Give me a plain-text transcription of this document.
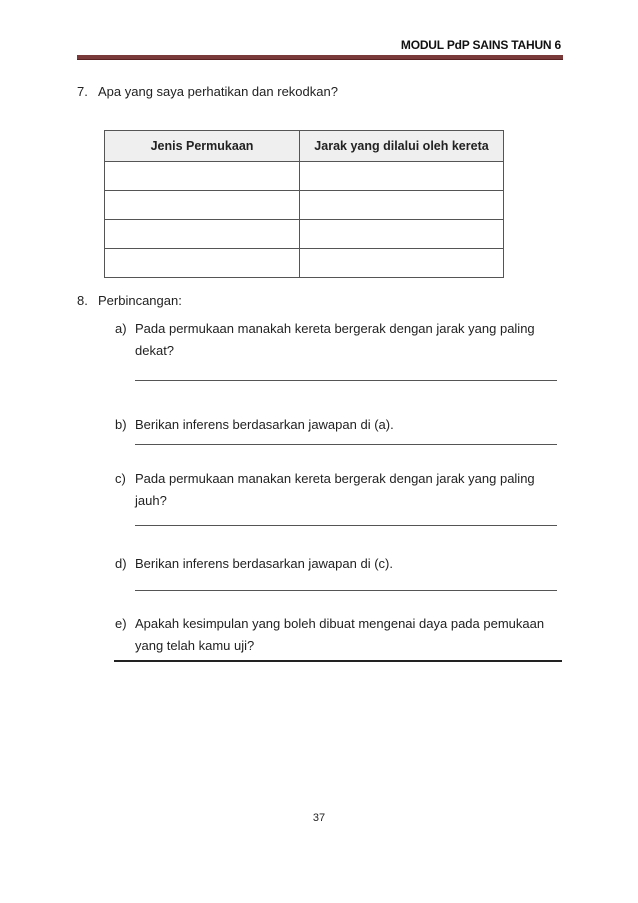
MODUL PdP SAINS TAHUN 6
7. Apa yang saya perhatikan dan rekodkan?
Jenis Permukaan	Jarak yang dilalui oleh kereta

8. Perbincangan:
a) Pada permukaan manakah kereta bergerak dengan jarak yang paling dekat?
b) Berikan inferens berdasarkan jawapan di (a).
c) Pada permukaan manakan kereta bergerak dengan jarak yang paling jauh?
d) Berikan inferens berdasarkan jawapan di (c).
e) Apakah kesimpulan yang boleh dibuat mengenai daya pada pemukaan yang telah kamu uji?
37
